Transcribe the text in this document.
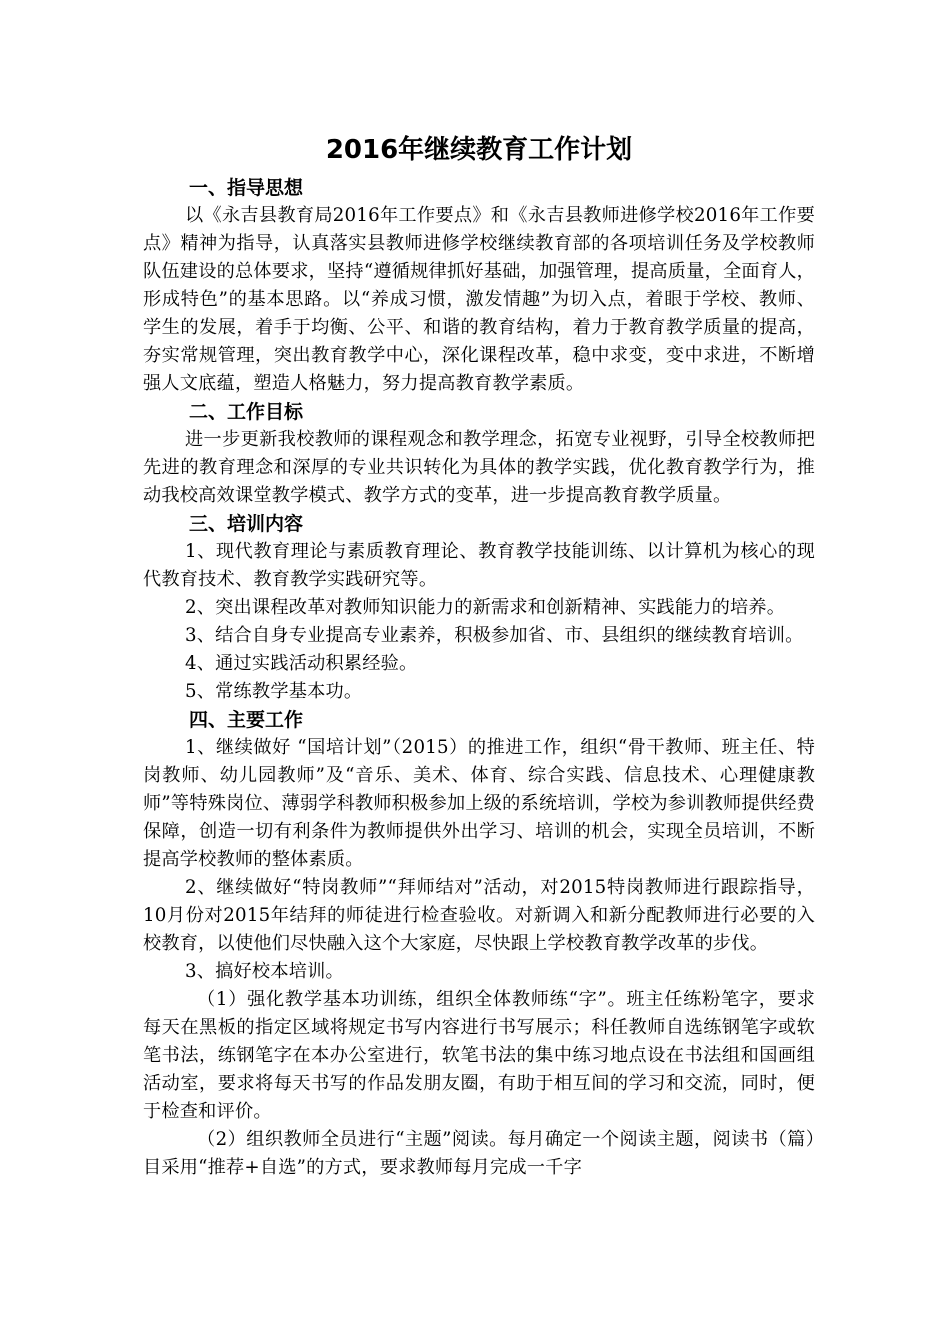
2016年继续教育工作计划
一、指导思想

以《永吉县教育局2016年工作要点》和《永吉县教师进修学校2016年工作要点》精神为指导，认真落实县教师进修学校继续教育部的各项培训任务及学校教师队伍建设的总体要求，坚持“遵循规律抓好基础，加强管理，提高质量，全面育人，形成特色”的基本思路。以“养成习惯，激发情趣”为切入点，着眼于学校、教师、学生的发展，着手于均衡、公平、和谐的教育结构，着力于教育教学质量的提高，夯实常规管理，突出教育教学中心，深化课程改革，稳中求变，变中求进，不断增强人文底蕴，塑造人格魅力，努力提高教育教学素质。

二、工作目标

进一步更新我校教师的课程观念和教学理念，拓宽专业视野，引导全校教师把先进的教育理念和深厚的专业共识转化为具体的教学实践，优化教育教学行为，推动我校高效课堂教学模式、教学方式的变革，进一步提高教育教学质量。

三、培训内容

1、现代教育理论与素质教育理论、教育教学技能训练、以计算机为核心的现代教育技术、教育教学实践研究等。

2、突出课程改革对教师知识能力的新需求和创新精神、实践能力的培养。

3、结合自身专业提高专业素养，积极参加省、市、县组织的继续教育培训。

4、通过实践活动积累经验。

5、常练教学基本功。

四、主要工作

1、继续做好 “国培计划”（2015）的推进工作，组织“骨干教师、班主任、特岗教师、幼儿园教师”及“音乐、美术、体育、综合实践、信息技术、心理健康教师”等特殊岗位、薄弱学科教师积极参加上级的系统培训，学校为参训教师提供经费保障，创造一切有利条件为教师提供外出学习、培训的机会，实现全员培训，不断提高学校教师的整体素质。

2、继续做好“特岗教师”“拜师结对”活动，对2015特岗教师进行跟踪指导，10月份对2015年结拜的师徒进行检查验收。对新调入和新分配教师进行必要的入校教育，以使他们尽快融入这个大家庭，尽快跟上学校教育教学改革的步伐。

3、搞好校本培训。

（1）强化教学基本功训练，组织全体教师练“字”。班主任练粉笔字，要求每天在黑板的指定区域将规定书写内容进行书写展示；科任教师自选练钢笔字或软笔书法，练钢笔字在本办公室进行，软笔书法的集中练习地点设在书法组和国画组活动室，要求将每天书写的作品发朋友圈，有助于相互间的学习和交流，同时，便于检查和评价。

（2）组织教师全员进行“主题”阅读。每月确定一个阅读主题，阅读书（篇）目采用“推荐+自选”的方式，要求教师每月完成一千字
